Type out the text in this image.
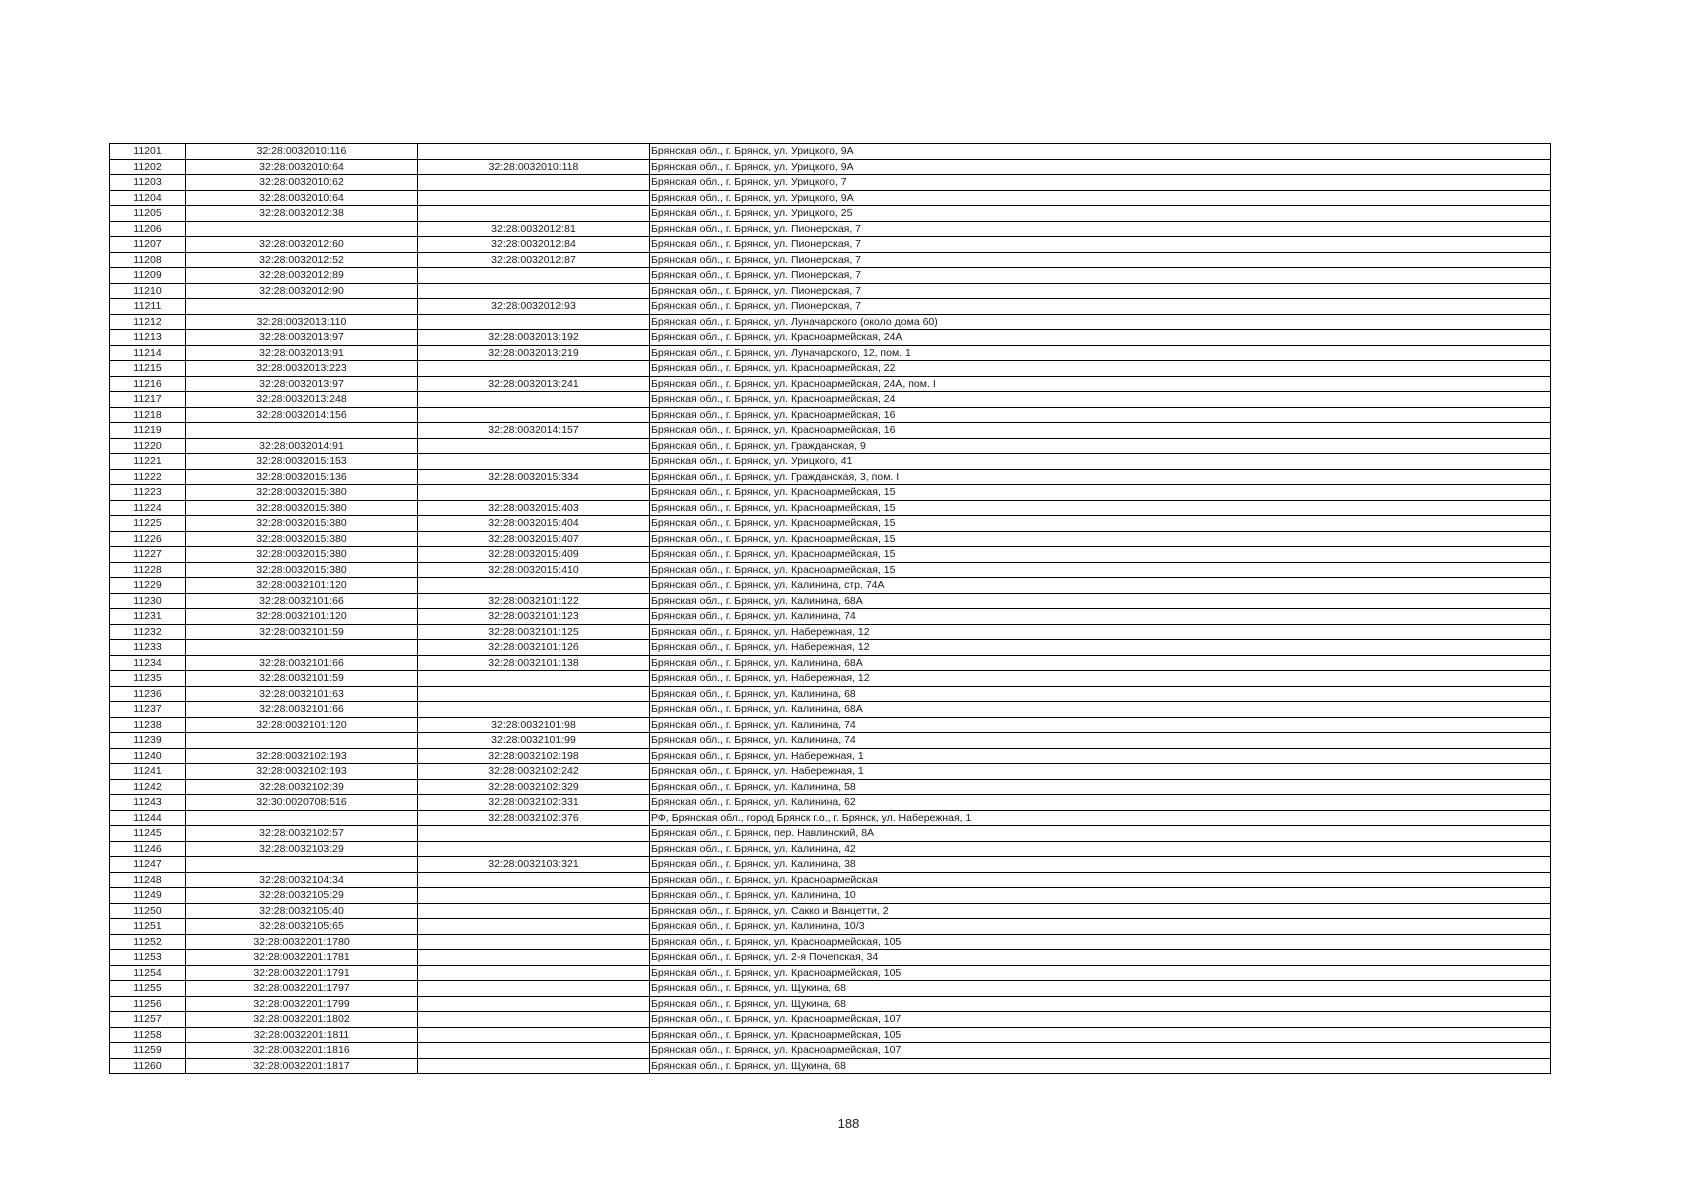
11201	32:28:0032010:116		Брянская обл., г. Брянск, ул. Урицкого, 9А
11202	32:28:0032010:64	32:28:0032010:118	Брянская обл., г. Брянск, ул. Урицкого, 9А
11203	32:28:0032010:62		Брянская обл., г. Брянск, ул. Урицкого, 7
11204	32:28:0032010:64		Брянская обл., г. Брянск, ул. Урицкого, 9А
11205	32:28:0032012:38		Брянская обл., г. Брянск, ул. Урицкого, 25
11206		32:28:0032012:81	Брянская обл., г. Брянск, ул. Пионерская, 7
11207	32:28:0032012:60	32:28:0032012:84	Брянская обл., г. Брянск, ул. Пионерская, 7
11208	32:28:0032012:52	32:28:0032012:87	Брянская обл., г. Брянск, ул. Пионерская, 7
11209	32:28:0032012:89		Брянская обл., г. Брянск, ул. Пионерская, 7
11210	32:28:0032012:90		Брянская обл., г. Брянск, ул. Пионерская, 7
11211		32:28:0032012:93	Брянская обл., г. Брянск, ул. Пионерская, 7
11212	32:28:0032013:110		Брянская обл., г. Брянск, ул. Луначарского (около дома 60)
11213	32:28:0032013:97	32:28:0032013:192	Брянская обл., г. Брянск, ул. Красноармейская, 24А
11214	32:28:0032013:91	32:28:0032013:219	Брянская обл., г. Брянск, ул. Луначарского, 12, пом. 1
11215	32:28:0032013:223		Брянская обл., г. Брянск, ул. Красноармейская, 22
11216	32:28:0032013:97	32:28:0032013:241	Брянская обл., г. Брянск, ул. Красноармейская, 24А, пом. I
11217	32:28:0032013:248		Брянская обл., г. Брянск, ул. Красноармейская, 24
11218	32:28:0032014:156		Брянская обл., г. Брянск, ул. Красноармейская, 16
11219		32:28:0032014:157	Брянская обл., г. Брянск, ул. Красноармейская, 16
11220	32:28:0032014:91		Брянская обл., г. Брянск, ул. Гражданская, 9
11221	32:28:0032015:153		Брянская обл., г. Брянск, ул. Урицкого, 41
11222	32:28:0032015:136	32:28:0032015:334	Брянская обл., г. Брянск, ул. Гражданская, 3, пом. I
11223	32:28:0032015:380		Брянская обл., г. Брянск, ул. Красноармейская, 15
11224	32:28:0032015:380	32:28:0032015:403	Брянская обл., г. Брянск, ул. Красноармейская, 15
11225	32:28:0032015:380	32:28:0032015:404	Брянская обл., г. Брянск, ул. Красноармейская, 15
11226	32:28:0032015:380	32:28:0032015:407	Брянская обл., г. Брянск, ул. Красноармейская, 15
11227	32:28:0032015:380	32:28:0032015:409	Брянская обл., г. Брянск, ул. Красноармейская, 15
11228	32:28:0032015:380	32:28:0032015:410	Брянская обл., г. Брянск, ул. Красноармейская, 15
11229	32:28:0032101:120		Брянская обл., г. Брянск, ул. Калинина, стр. 74А
11230	32:28:0032101:66	32:28:0032101:122	Брянская обл., г. Брянск, ул. Калинина, 68А
11231	32:28:0032101:120	32:28:0032101:123	Брянская обл., г. Брянск, ул. Калинина, 74
11232	32:28:0032101:59	32:28:0032101:125	Брянская обл., г. Брянск, ул. Набережная, 12
11233		32:28:0032101:126	Брянская обл., г. Брянск, ул. Набережная, 12
11234	32:28:0032101:66	32:28:0032101:138	Брянская обл., г. Брянск, ул. Калинина, 68А
11235	32:28:0032101:59		Брянская обл., г. Брянск, ул. Набережная, 12
11236	32:28:0032101:63		Брянская обл., г. Брянск, ул. Калинина, 68
11237	32:28:0032101:66		Брянская обл., г. Брянск, ул. Калинина, 68А
11238	32:28:0032101:120	32:28:0032101:98	Брянская обл., г. Брянск, ул. Калинина, 74
11239		32:28:0032101:99	Брянская обл., г. Брянск, ул. Калинина, 74
11240	32:28:0032102:193	32:28:0032102:198	Брянская обл., г. Брянск, ул. Набережная, 1
11241	32:28:0032102:193	32:28:0032102:242	Брянская обл., г. Брянск, ул. Набережная, 1
11242	32:28:0032102:39	32:28:0032102:329	Брянская обл., г. Брянск, ул. Калинина, 58
11243	32:30:0020708:516	32:28:0032102:331	Брянская обл., г. Брянск, ул. Калинина, 62
11244		32:28:0032102:376	РФ, Брянская обл., город Брянск г.о., г. Брянск, ул. Набережная, 1
11245	32:28:0032102:57		Брянская обл., г. Брянск, пер. Навлинский, 8А
11246	32:28:0032103:29		Брянская обл., г. Брянск, ул. Калинина, 42
11247		32:28:0032103:321	Брянская обл., г. Брянск, ул. Калинина, 38
11248	32:28:0032104:34		Брянская обл., г. Брянск, ул. Красноармейская
11249	32:28:0032105:29		Брянская обл., г. Брянск, ул. Калинина, 10
11250	32:28:0032105:40		Брянская обл., г. Брянск, ул. Сакко и Ванцетти, 2
11251	32:28:0032105:65		Брянская обл., г. Брянск, ул. Калинина, 10/3
11252	32:28:0032201:1780		Брянская обл., г. Брянск, ул. Красноармейская, 105
11253	32:28:0032201:1781		Брянская обл., г. Брянск, ул. 2-я Почепская, 34
11254	32:28:0032201:1791		Брянская обл., г. Брянск, ул. Красноармейская, 105
11255	32:28:0032201:1797		Брянская обл., г. Брянск, ул. Щукина, 68
11256	32:28:0032201:1799		Брянская обл., г. Брянск, ул. Щукина, 68
11257	32:28:0032201:1802		Брянская обл., г. Брянск, ул. Красноармейская, 107
11258	32:28:0032201:1811		Брянская обл., г. Брянск, ул. Красноармейская, 105
11259	32:28:0032201:1816		Брянская обл., г. Брянск, ул. Красноармейская, 107
11260	32:28:0032201:1817		Брянская обл., г. Брянск, ул. Щукина, 68
188
